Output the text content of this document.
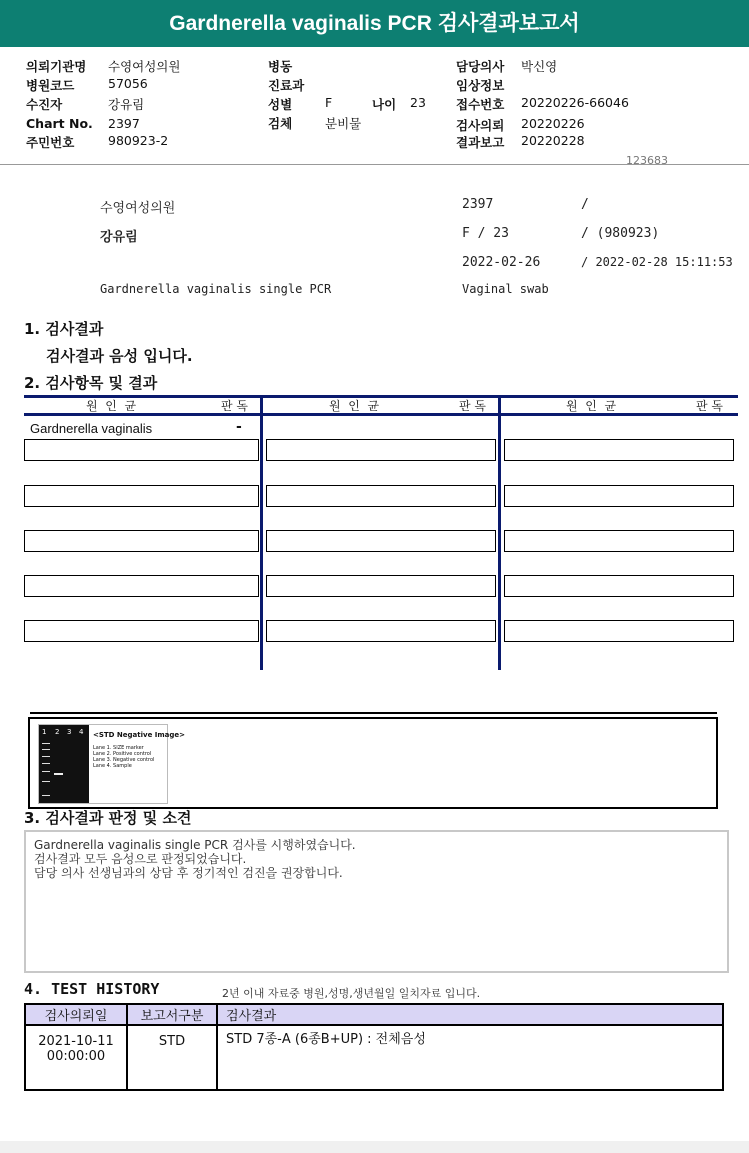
Gardnerella vaginalis PCR 검사결과보고서
의뢰기관명 수영여성의원
병원코드	57056
수진자	강유림
Chart No. 2397
주민번호	980923-2
병동
진료과
성별	F	나이 23
검체	분비물
담당의사 박신영
임상정보
접수번호 20220226-66046
검사의뢰 20220226
결과보고 20220228
123683
수영여성의원	2397	/
강유림	F / 23	/ (980923)
2022-02-26	/ 2022-02-28 15:11:53
Gardnerella vaginalis single PCR	Vaginal swab
1. 검사결과
검사결과 음성 입니다.
2. 검사항목 및 결과
원  인  균	판 독	원  인  균	판 독	원  인  균	판 독
Gardnerella vaginalis	-
1 2 3 4 <STD Negative Image>
Lane 1. SIZE marker
Lane 2. Positive control
Lane 3. Negative control
Lane 4. Sample
3. 검사결과 판정 및 소견
Gardnerella vaginalis single PCR 검사를 시행하였습니다.
검사결과 모두 음성으로 판정되었습니다.
담당 의사 선생님과의 상담 후 정기적인 검진을 권장합니다.
4. TEST HISTORY	2년 이내 자료중 병원,성명,생년월일 일치자료 입니다.
검사의뢰일	보고서구분	검사결과

2021-10-11
00:00:00	STD	STD 7종-A (6종B+UP) : 전체음성
